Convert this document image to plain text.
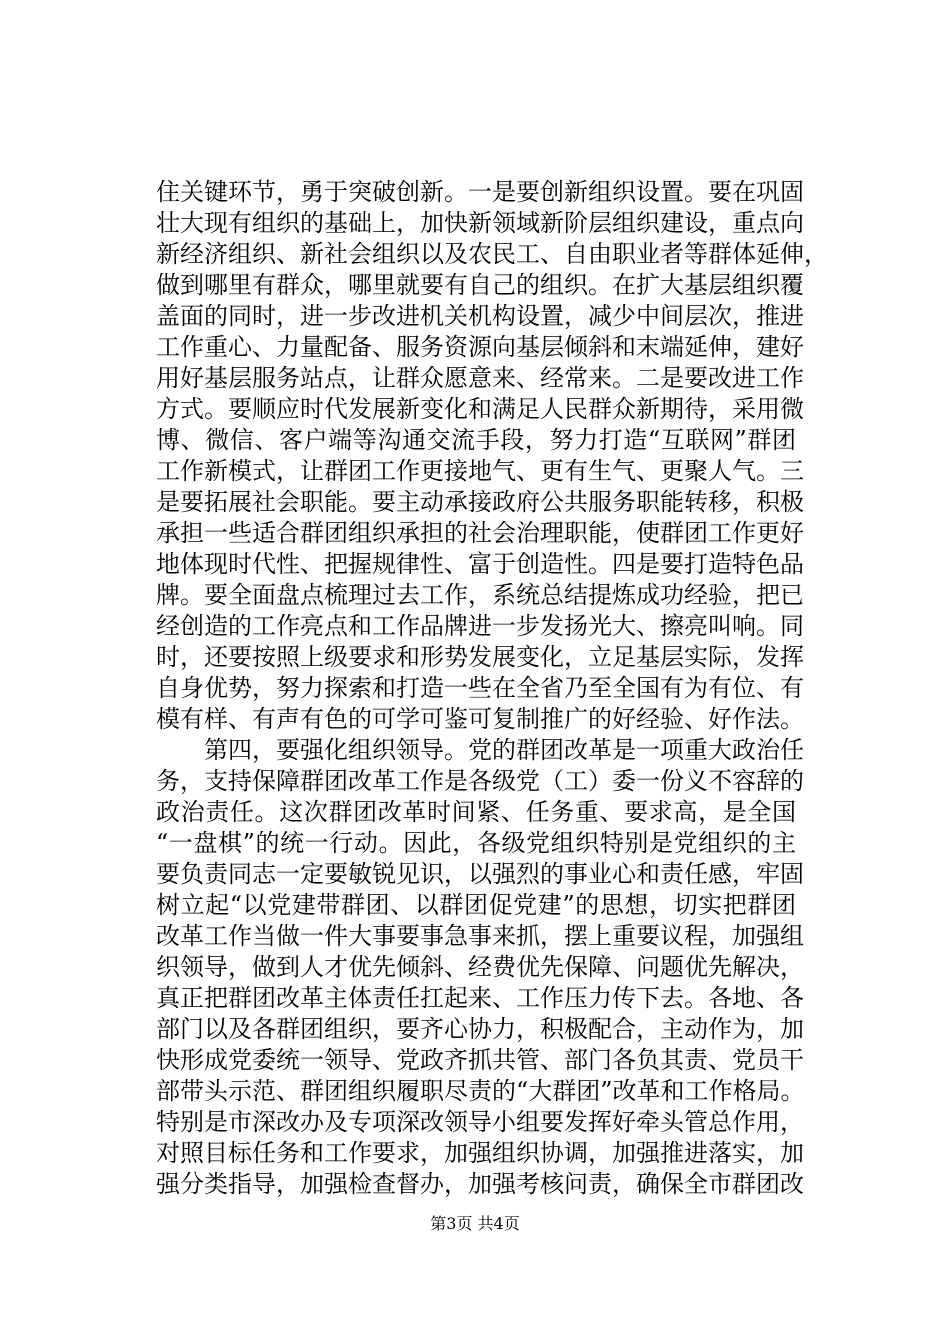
住关键环节，勇于突破创新。一是要创新组织设置。要在巩固
壮大现有组织的基础上，加快新领域新阶层组织建设，重点向
新经济组织、新社会组织以及农民工、自由职业者等群体延伸，
做到哪里有群众，哪里就要有自己的组织。在扩大基层组织覆
盖面的同时，进一步改进机关机构设置，减少中间层次，推进
工作重心、力量配备、服务资源向基层倾斜和末端延伸，建好
用好基层服务站点，让群众愿意来、经常来。二是要改进工作
方式。要顺应时代发展新变化和满足人民群众新期待，采用微
博、微信、客户端等沟通交流手段，努力打造“互联网”群团
工作新模式，让群团工作更接地气、更有生气、更聚人气。三
是要拓展社会职能。要主动承接政府公共服务职能转移，积极
承担一些适合群团组织承担的社会治理职能，使群团工作更好
地体现时代性、把握规律性、富于创造性。四是要打造特色品
牌。要全面盘点梳理过去工作，系统总结提炼成功经验，把已
经创造的工作亮点和工作品牌进一步发扬光大、擦亮叫响。同
时，还要按照上级要求和形势发展变化，立足基层实际，发挥
自身优势，努力探索和打造一些在全省乃至全国有为有位、有
模有样、有声有色的可学可鉴可复制推广的好经验、好作法。
　　第四，要强化组织领导。党的群团改革是一项重大政治任
务，支持保障群团改革工作是各级党（工）委一份义不容辞的
政治责任。这次群团改革时间紧、任务重、要求高，是全国
“一盘棋”的统一行动。因此，各级党组织特别是党组织的主
要负责同志一定要敏锐见识，以强烈的事业心和责任感，牢固
树立起“以党建带群团、以群团促党建”的思想，切实把群团
改革工作当做一件大事要事急事来抓，摆上重要议程，加强组
织领导，做到人才优先倾斜、经费优先保障、问题优先解决，
真正把群团改革主体责任扛起来、工作压力传下去。各地、各
部门以及各群团组织，要齐心协力，积极配合，主动作为，加
快形成党委统一领导、党政齐抓共管、部门各负其责、党员干
部带头示范、群团组织履职尽责的“大群团”改革和工作格局。
特别是市深改办及专项深改领导小组要发挥好牵头管总作用，
对照目标任务和工作要求，加强组织协调，加强推进落实，加
强分类指导，加强检查督办，加强考核问责，确保全市群团改
第3页 共4页
